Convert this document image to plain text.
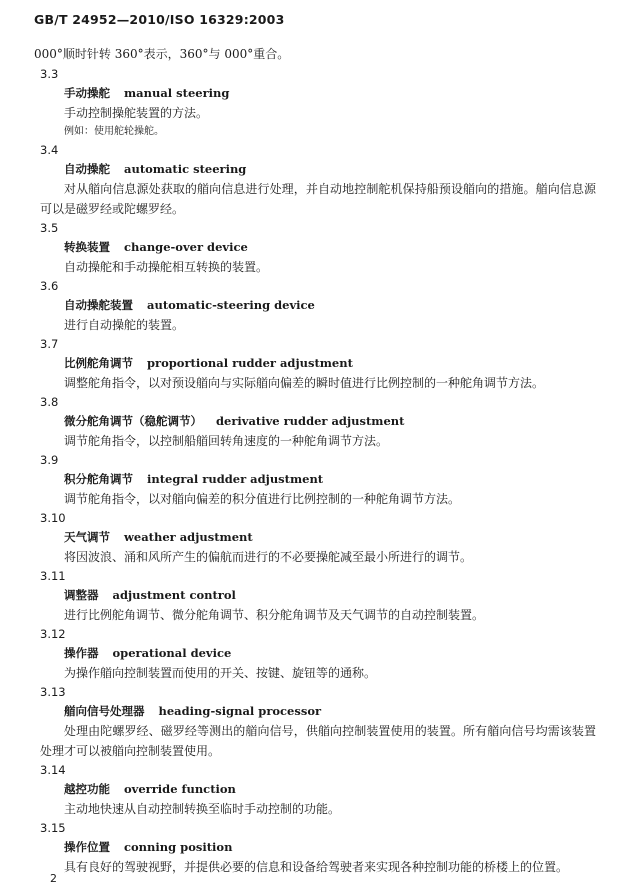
GB/T 24952—2010/ISO 16329:2003
000°顺时针转 360°表示，360°与 000°重合。
3.3
手动操舵 manual steering
手动控制操舵装置的方法。
例如：使用舵轮操舵。
3.4
自动操舵 automatic steering
对从艏向信息源处获取的艏向信息进行处理，并自动地控制舵机保持船预设艏向的措施。艏向信息源可以是磁罗经或陀螺罗经。
3.5
转换装置 change-over device
自动操舵和手动操舵相互转换的装置。
3.6
自动操舵装置 automatic-steering device
进行自动操舵的装置。
3.7
比例舵角调节 proportional rudder adjustment
调整舵角指令，以对预设艏向与实际艏向偏差的瞬时值进行比例控制的一种舵角调节方法。
3.8
微分舵角调节（稳舵调节） derivative rudder adjustment
调节舵角指令，以控制船艏回转角速度的一种舵角调节方法。
3.9
积分舵角调节 integral rudder adjustment
调节舵角指令，以对艏向偏差的积分值进行比例控制的一种舵角调节方法。
3.10
天气调节 weather adjustment
将因波浪、涌和风所产生的偏航而进行的不必要操舵减至最小所进行的调节。
3.11
调整器 adjustment control
进行比例舵角调节、微分舵角调节、积分舵角调节及天气调节的自动控制装置。
3.12
操作器 operational device
为操作艏向控制装置而使用的开关、按键、旋钮等的通称。
3.13
艏向信号处理器 heading-signal processor
处理由陀螺罗经、磁罗经等测出的艏向信号，供艏向控制装置使用的装置。所有艏向信号均需该装置处理才可以被艏向控制装置使用。
3.14
越控功能 override function
主动地快速从自动控制转换至临时手动控制的功能。
3.15
操作位置 conning position
具有良好的驾驶视野，并提供必要的信息和设备给驾驶者来实现各种控制功能的桥楼上的位置。
2
